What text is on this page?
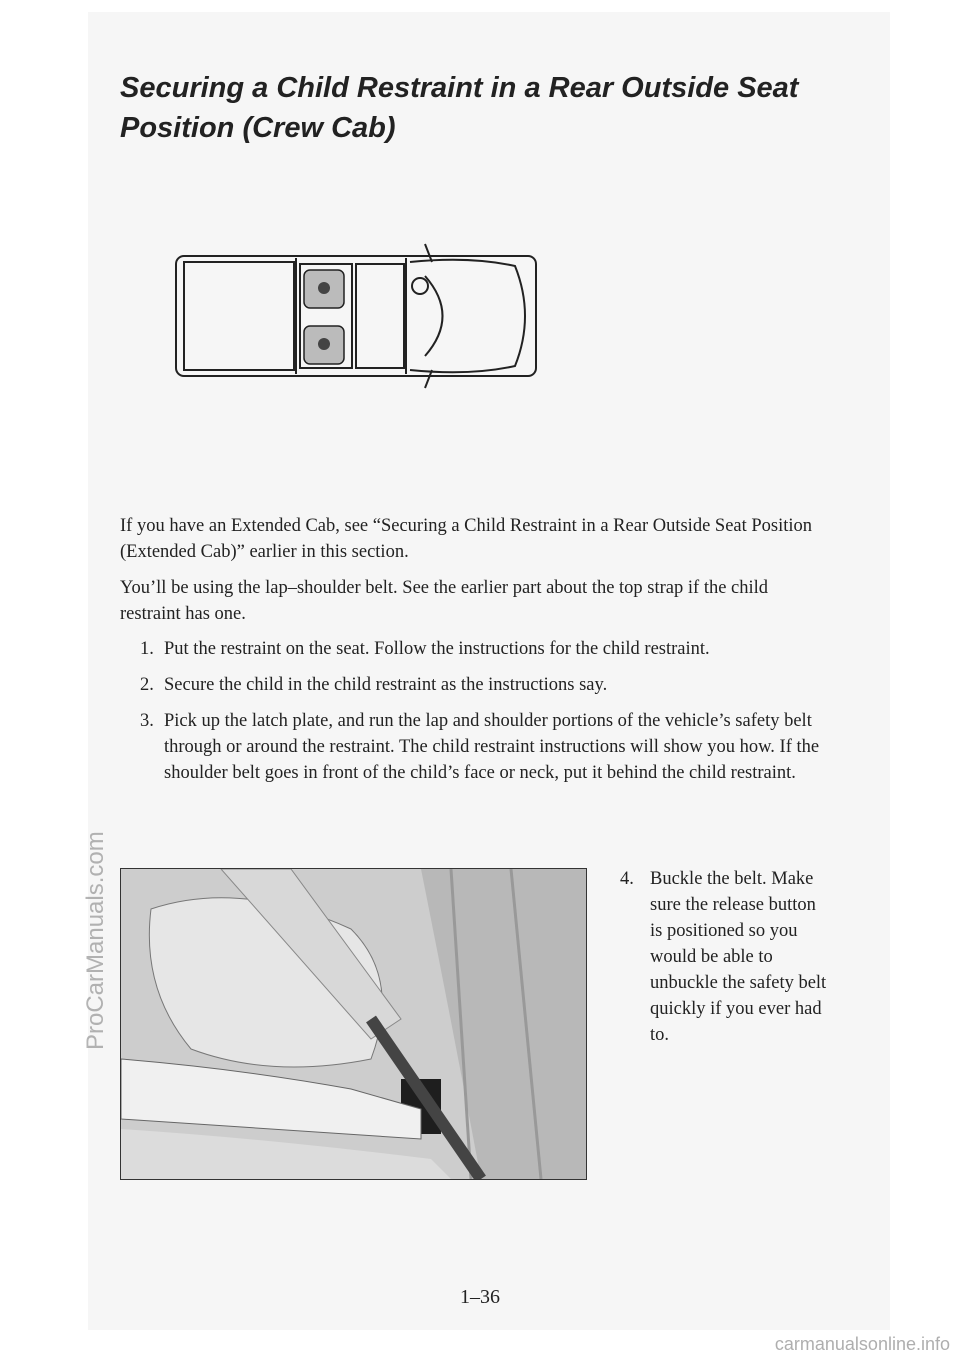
Securing a Child Restraint in a Rear Outside Seat
Position (Crew Cab)
If you have an Extended Cab, see “Securing a Child Restraint in a Rear Outside Seat Position (Extended Cab)” earlier in this section.
You’ll be using the lap–shoulder belt. See the earlier part about the top strap if the child restraint has one.
1. Put the restraint on the seat. Follow the instructions for the child restraint.
2. Secure the child in the child restraint as the instructions say.
3. Pick up the latch plate, and run the lap and shoulder portions of the vehicle’s safety belt through or around the restraint. The child restraint instructions will show you how. If the shoulder belt goes in front of the child’s face or neck, put it behind the child restraint.
4. Buckle the belt. Make sure the release button is positioned so you would be able to unbuckle the safety belt quickly if you ever had to.
1–36
ProCarManuals.com
carmanualsonline.info
